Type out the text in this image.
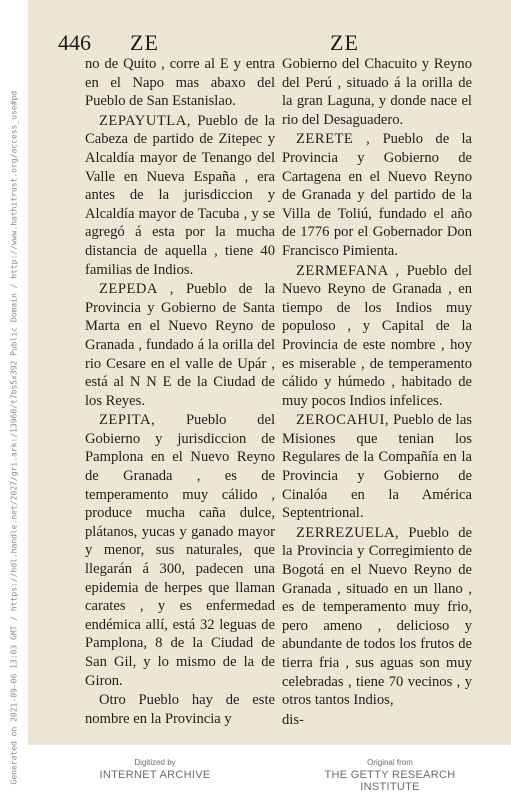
446 ZE	ZE

no de Quito , corre al E y entra en el Napo mas abaxo del Pueblo de San Estanislao.

ZEPAYUTLA, Pueblo de la Cabeza de partido de Zitepec y Alcaldía mayor de Tenango del Valle en Nueva España , era antes de la jurisdiccion y Alcaldía mayor de Tacuba , y se agregó á esta por la mucha distancia de aquella , tiene 40 familias de Indios.

ZEPEDA , Pueblo de la Provincia y Gobierno de Santa Marta en el Nuevo Reyno de Granada , fundado á la orilla del rio Cesare en el valle de Upár , está al N N E de la Ciudad de los Reyes.

ZEPITA, Pueblo del Gobierno y jurisdiccion de Pamplona en el Nuevo Reyno de Granada , es de temperamento muy cálido , produce mucha caña dulce, plátanos, yucas y ganado mayor y menor, sus naturales, que llegarán á 300, padecen una epidemia de herpes que llaman carates , y es enfermedad endémica allí, está 32 leguas de Pamplona, 8 de la Ciudad de San Gil, y lo mismo de la de Giron.

Otro Pueblo hay de este nombre en la Provincia y

Gobierno del Chacuito y Reyno del Perú , situado á la orilla de la gran Laguna, y donde nace el rio del Desaguadero.

ZERETE , Pueblo de la Provincia y Gobierno de Cartagena en el Nuevo Reyno de Granada y del partido de la Villa de Toliú, fundado el año de 1776 por el Gobernador Don Francisco Pimienta.

ZERMEFANA , Pueblo del Nuevo Reyno de Granada , en tiempo de los Indios muy populoso , y Capital de la Provincia de este nombre , hoy es miserable , de temperamento cálido y húmedo , habitado de muy pocos Indios infelices.

ZEROCAHUI, Pueblo de las Misiones que tenian los Regulares de la Compañía en la Provincia y Gobierno de Cinalóa en la América Septentrional.

ZERREZUELA, Pueblo de la Provincia y Corregimiento de Bogotá en el Nuevo Reyno de Granada , situado en un llano , es de temperamento muy frio, pero ameno , delicioso y abundante de todos los frutos de tierra fria , sus aguas son muy celebradas , tiene 70 vecinos , y otros tantos Indios,

dis-

Generated on 2021-09-06 13:03 GMT / https://hdl.handle.net/2027/gri.ark:/13960/t7bs5x392 Public Domain / http://www.hathitrust.org/access_use#pd	Digitized by
INTERNET ARCHIVE
Original from
THE GETTY RESEARCH INSTITUTE
